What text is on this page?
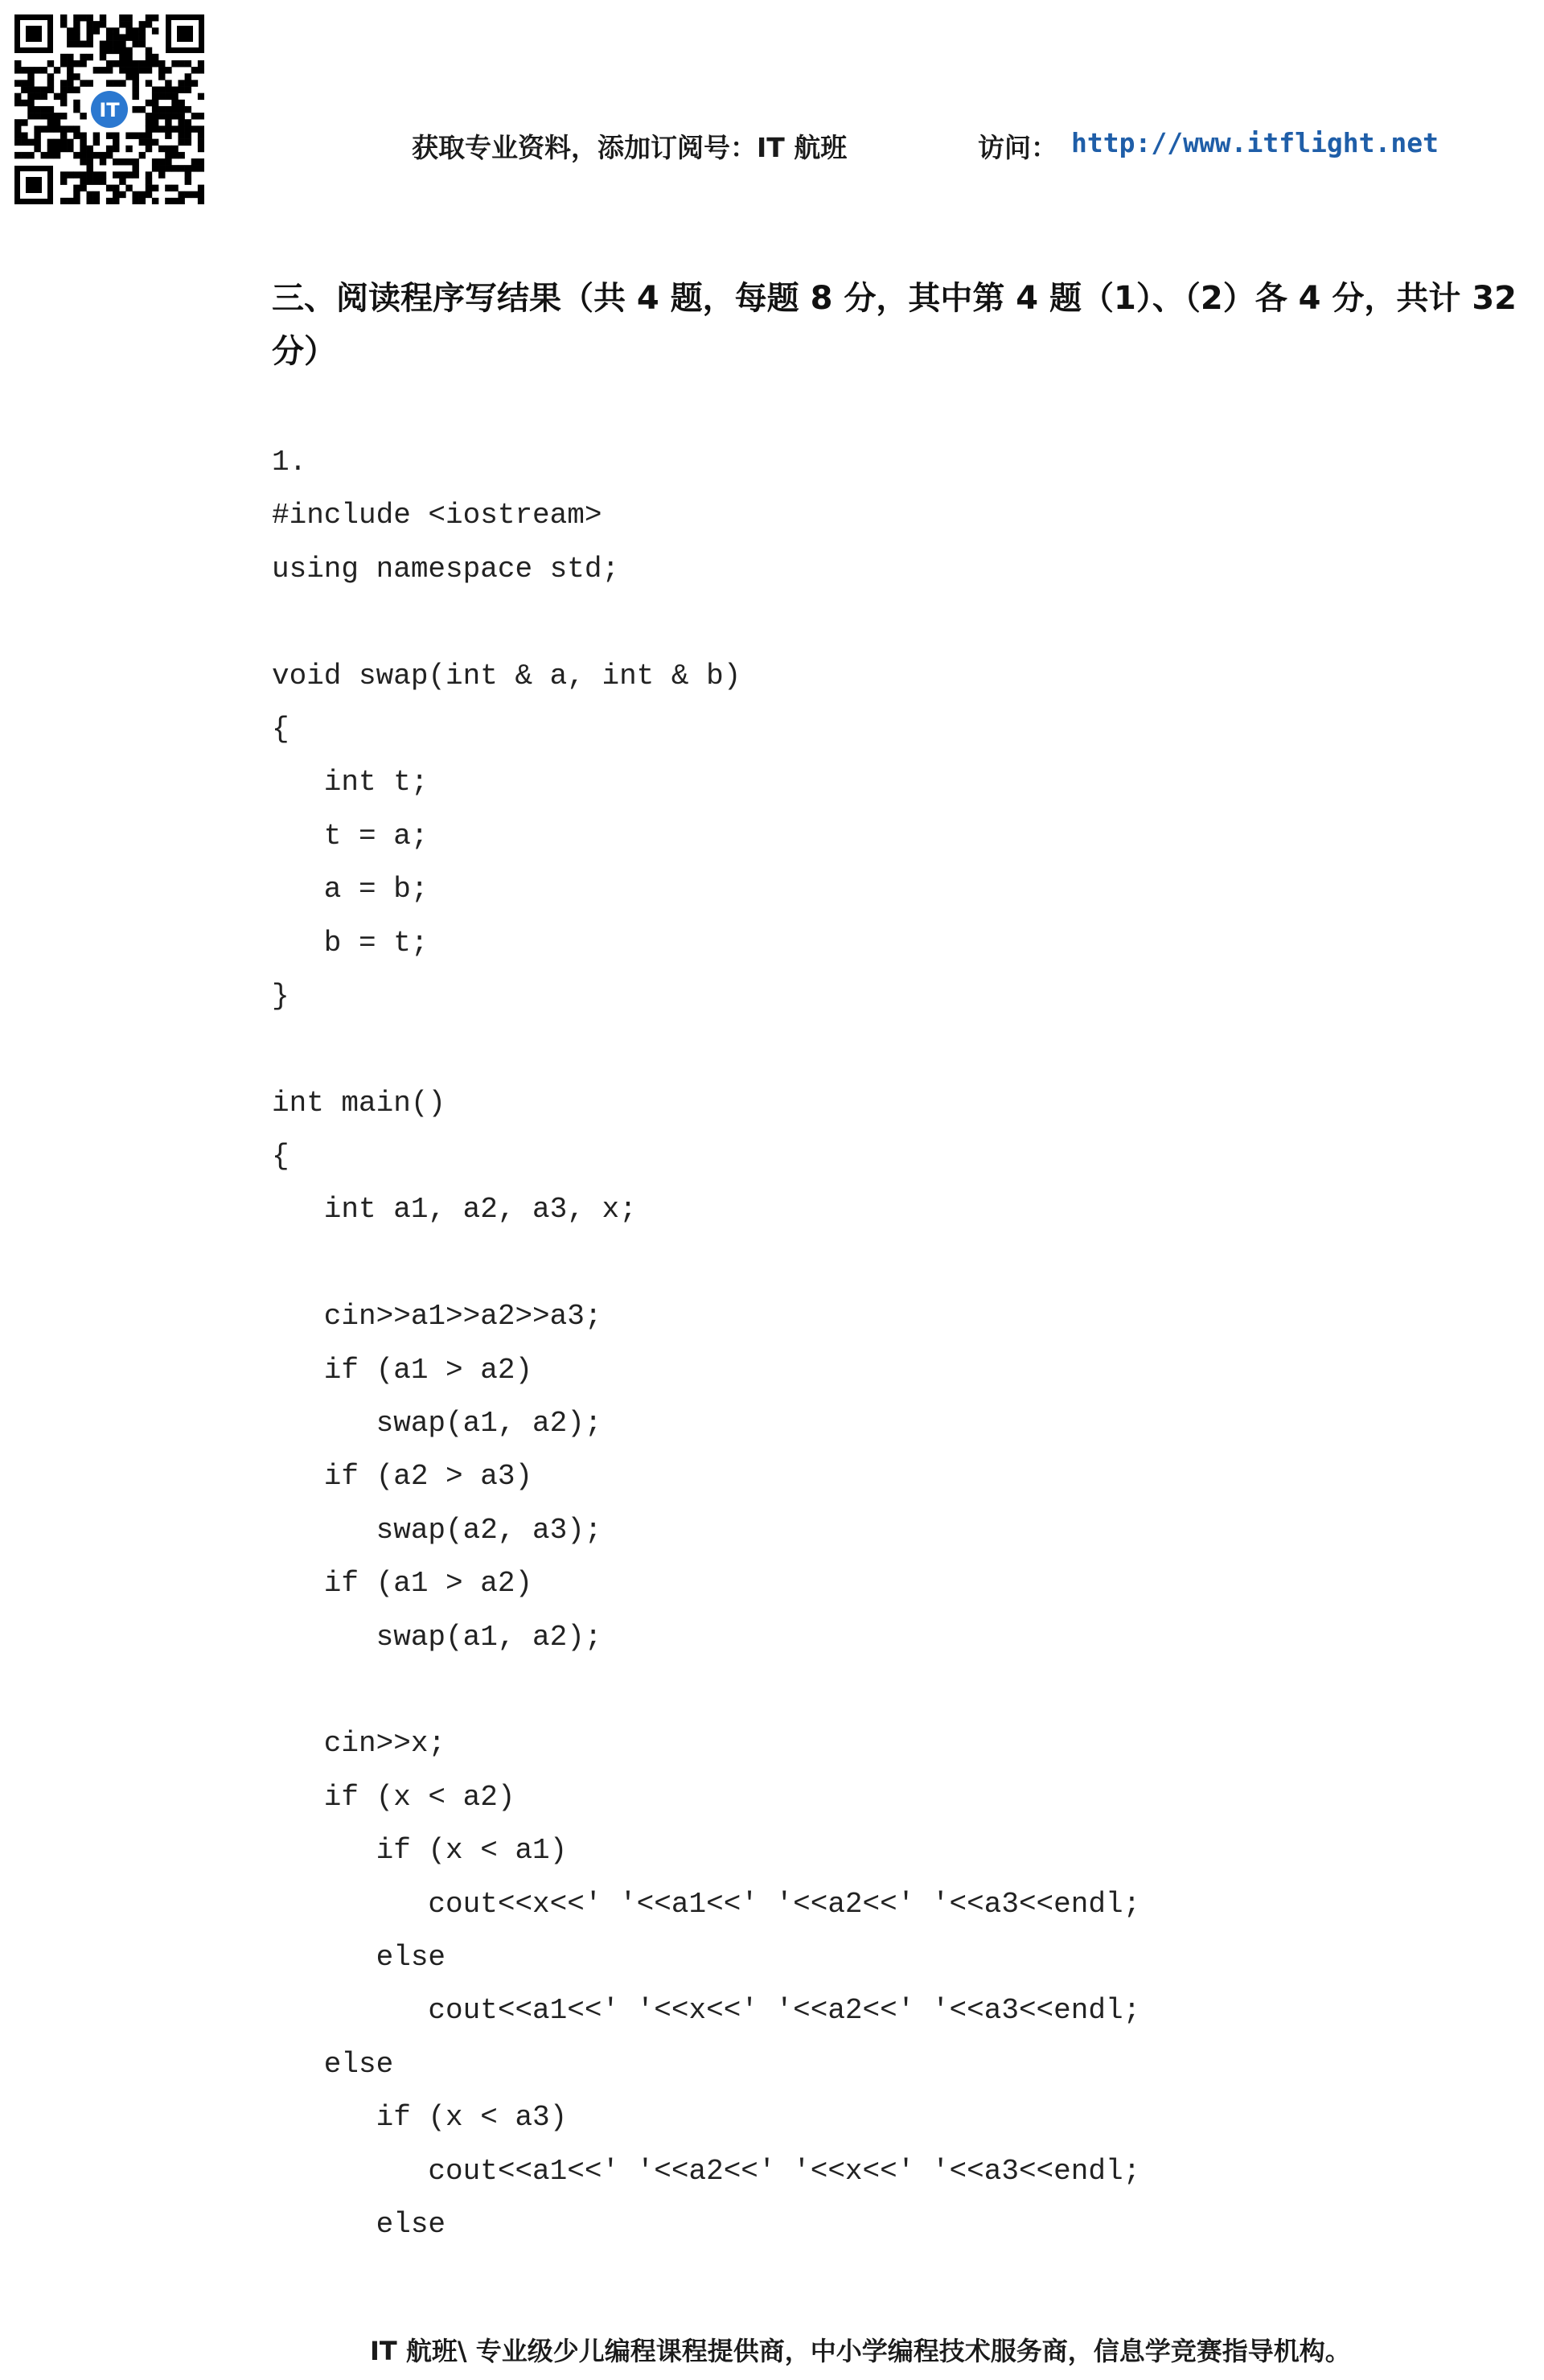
IT
获取专业资料，添加订阅号：IT 航班	访问： http://www.itflight.net
三、阅读程序写结果（共 4 题，每题 8 分，其中第 4 题（1）、（2）各 4 分，共计 32 分）
1.
#include <iostream>
using namespace std;

void swap(int & a, int & b)
{
int t;
t = a;
a = b;
b = t;
}

int main()
{
int a1, a2, a3, x;

cin>>a1>>a2>>a3;
if (a1 > a2)
swap(a1, a2);
if (a2 > a3)
swap(a2, a3);
if (a1 > a2)
swap(a1, a2);

cin>>x;
if (x < a2)
if (x < a1)
cout<<x<<' '<<a1<<' '<<a2<<' '<<a3<<endl;
else
cout<<a1<<' '<<x<<' '<<a2<<' '<<a3<<endl;
else
if (x < a3)
cout<<a1<<' '<<a2<<' '<<x<<' '<<a3<<endl;
else
IT 航班\ 专业级少儿编程课程提供商，中小学编程技术服务商，信息学竞赛指导机构。
